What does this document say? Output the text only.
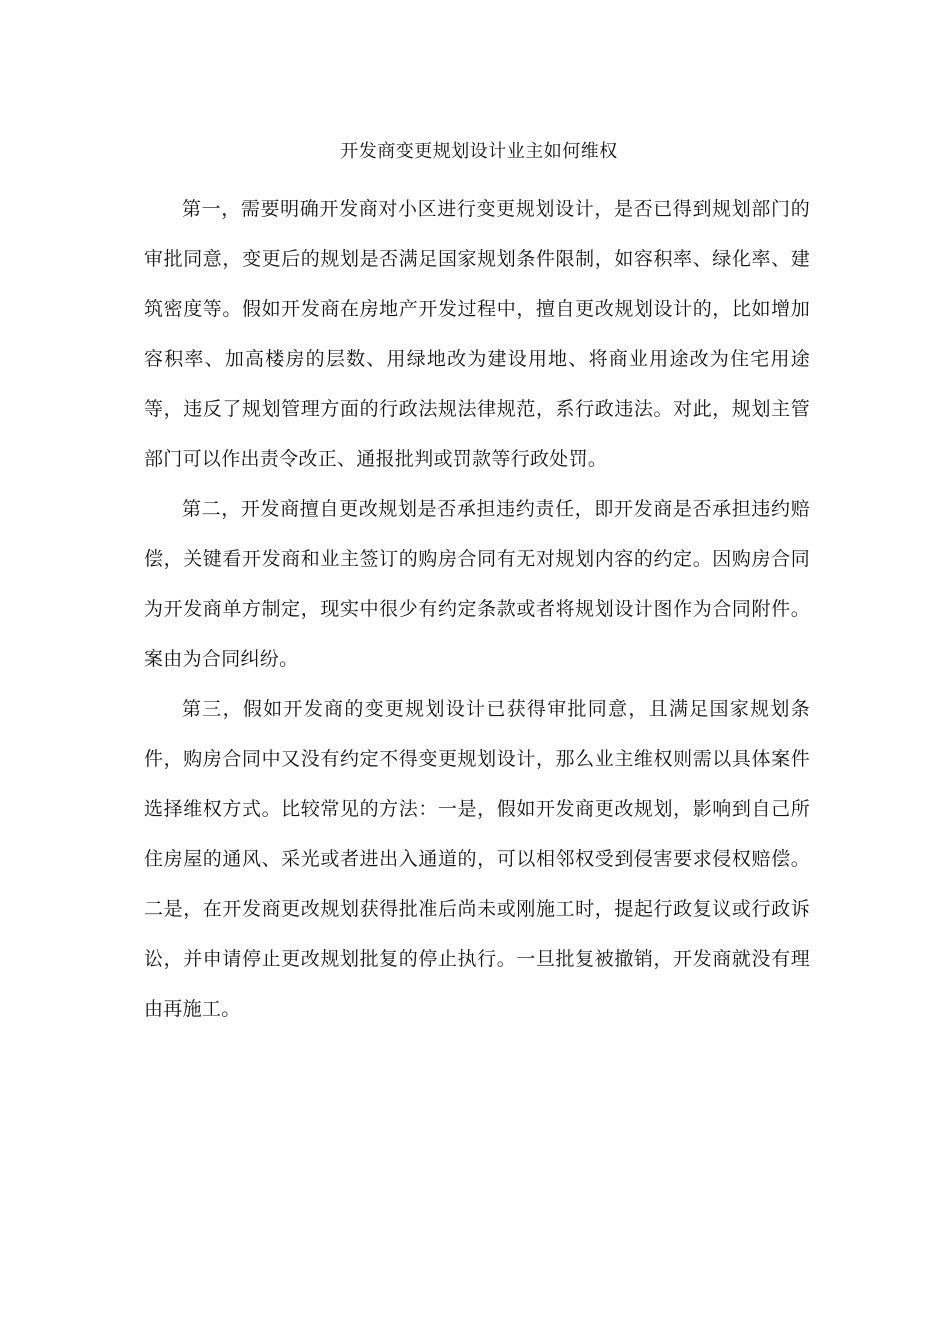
开发商变更规划设计业主如何维权

第一，需要明确开发商对小区进行变更规划设计，是否已得到规划部门的审批同意，变更后的规划是否满足国家规划条件限制，如容积率、绿化率、建筑密度等。假如开发商在房地产开发过程中，擅自更改规划设计的，比如增加容积率、加高楼房的层数、用绿地改为建设用地、将商业用途改为住宅用途等，违反了规划管理方面的行政法规法律规范，系行政违法。对此，规划主管部门可以作出责令改正、通报批判或罚款等行政处罚。

第二，开发商擅自更改规划是否承担违约责任，即开发商是否承担违约赔偿，关键看开发商和业主签订的购房合同有无对规划内容的约定。因购房合同为开发商单方制定，现实中很少有约定条款或者将规划设计图作为合同附件。案由为合同纠纷。

第三，假如开发商的变更规划设计已获得审批同意，且满足国家规划条件，购房合同中又没有约定不得变更规划设计，那么业主维权则需以具体案件选择维权方式。比较常见的方法：一是，假如开发商更改规划，影响到自己所住房屋的通风、采光或者进出入通道的，可以相邻权受到侵害要求侵权赔偿。二是，在开发商更改规划获得批准后尚未或刚施工时，提起行政复议或行政诉讼，并申请停止更改规划批复的停止执行。一旦批复被撤销，开发商就没有理由再施工。
